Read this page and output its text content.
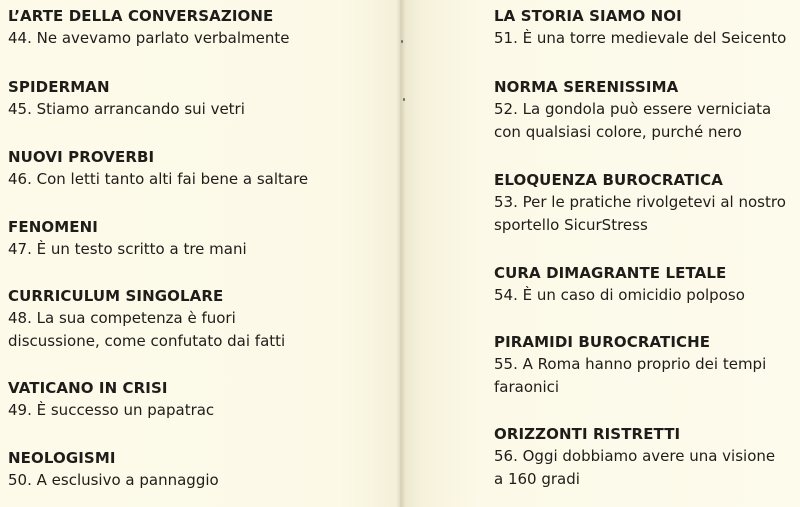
L’ARTE DELLA CONVERSAZIONE
44. Ne avevamo parlato verbalmente
SPIDERMAN
45. Stiamo arrancando sui vetri
NUOVI PROVERBI
46. Con letti tanto alti fai bene a saltare
FENOMENI
47. È un testo scritto a tre mani
CURRICULUM SINGOLARE
48. La sua competenza è fuori discussione, come confutato dai fatti
VATICANO IN CRISI
49. È successo un papatrac
NEOLOGISMI
50. A esclusivo a pannaggio
LA STORIA SIAMO NOI
51. È una torre medievale del Seicento
NORMA SERENISSIMA
52. La gondola può essere verniciata con qualsiasi colore, purché nero
ELOQUENZA BUROCRATICA
53. Per le pratiche rivolgetevi al nostro sportello SicurStress
CURA DIMAGRANTE LETALE
54. È un caso di omicidio polposo
PIRAMIDI BUROCRATICHE
55. A Roma hanno proprio dei tempi faraonici
ORIZZONTI RISTRETTI
56. Oggi dobbiamo avere una visione a 160 gradi
